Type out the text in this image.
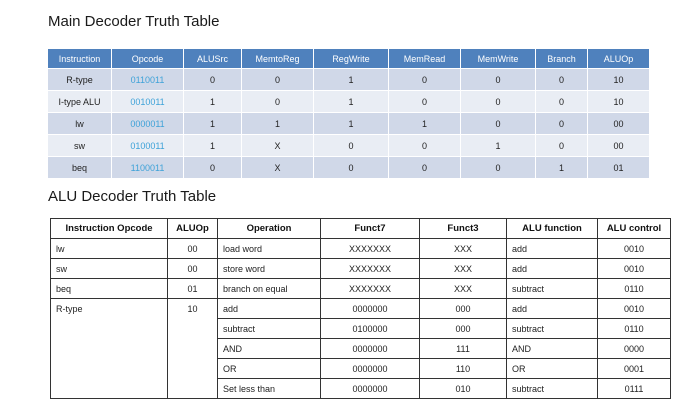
Main Decoder Truth Table
Instruction	Opcode	ALUSrc	MemtoReg	RegWrite	MemRead	MemWrite	Branch	ALUOp
R-type	0110011	0	0	1	0	0	0	10
I-type ALU	0010011	1	0	1	0	0	0	10
lw	0000011	1	1	1	1	0	0	00
sw	0100011	1	X	0	0	1	0	00
beq	1100011	0	X	0	0	0	1	01
ALU Decoder Truth Table
Instruction Opcode	ALUOp	Operation	Funct7	Funct3	ALU function	ALU control
lw	00	load word	XXXXXXX	XXX	add	0010
sw	00	store word	XXXXXXX	XXX	add	0010
beq	01	branch on equal	XXXXXXX	XXX	subtract	0110
R-type	10	add	0000000	000	add	0010
		subtract	0100000	000	subtract	0110
		AND	0000000	111	AND	0000
		OR	0000000	110	OR	0001
		Set less than	0000000	010	subtract	0111
